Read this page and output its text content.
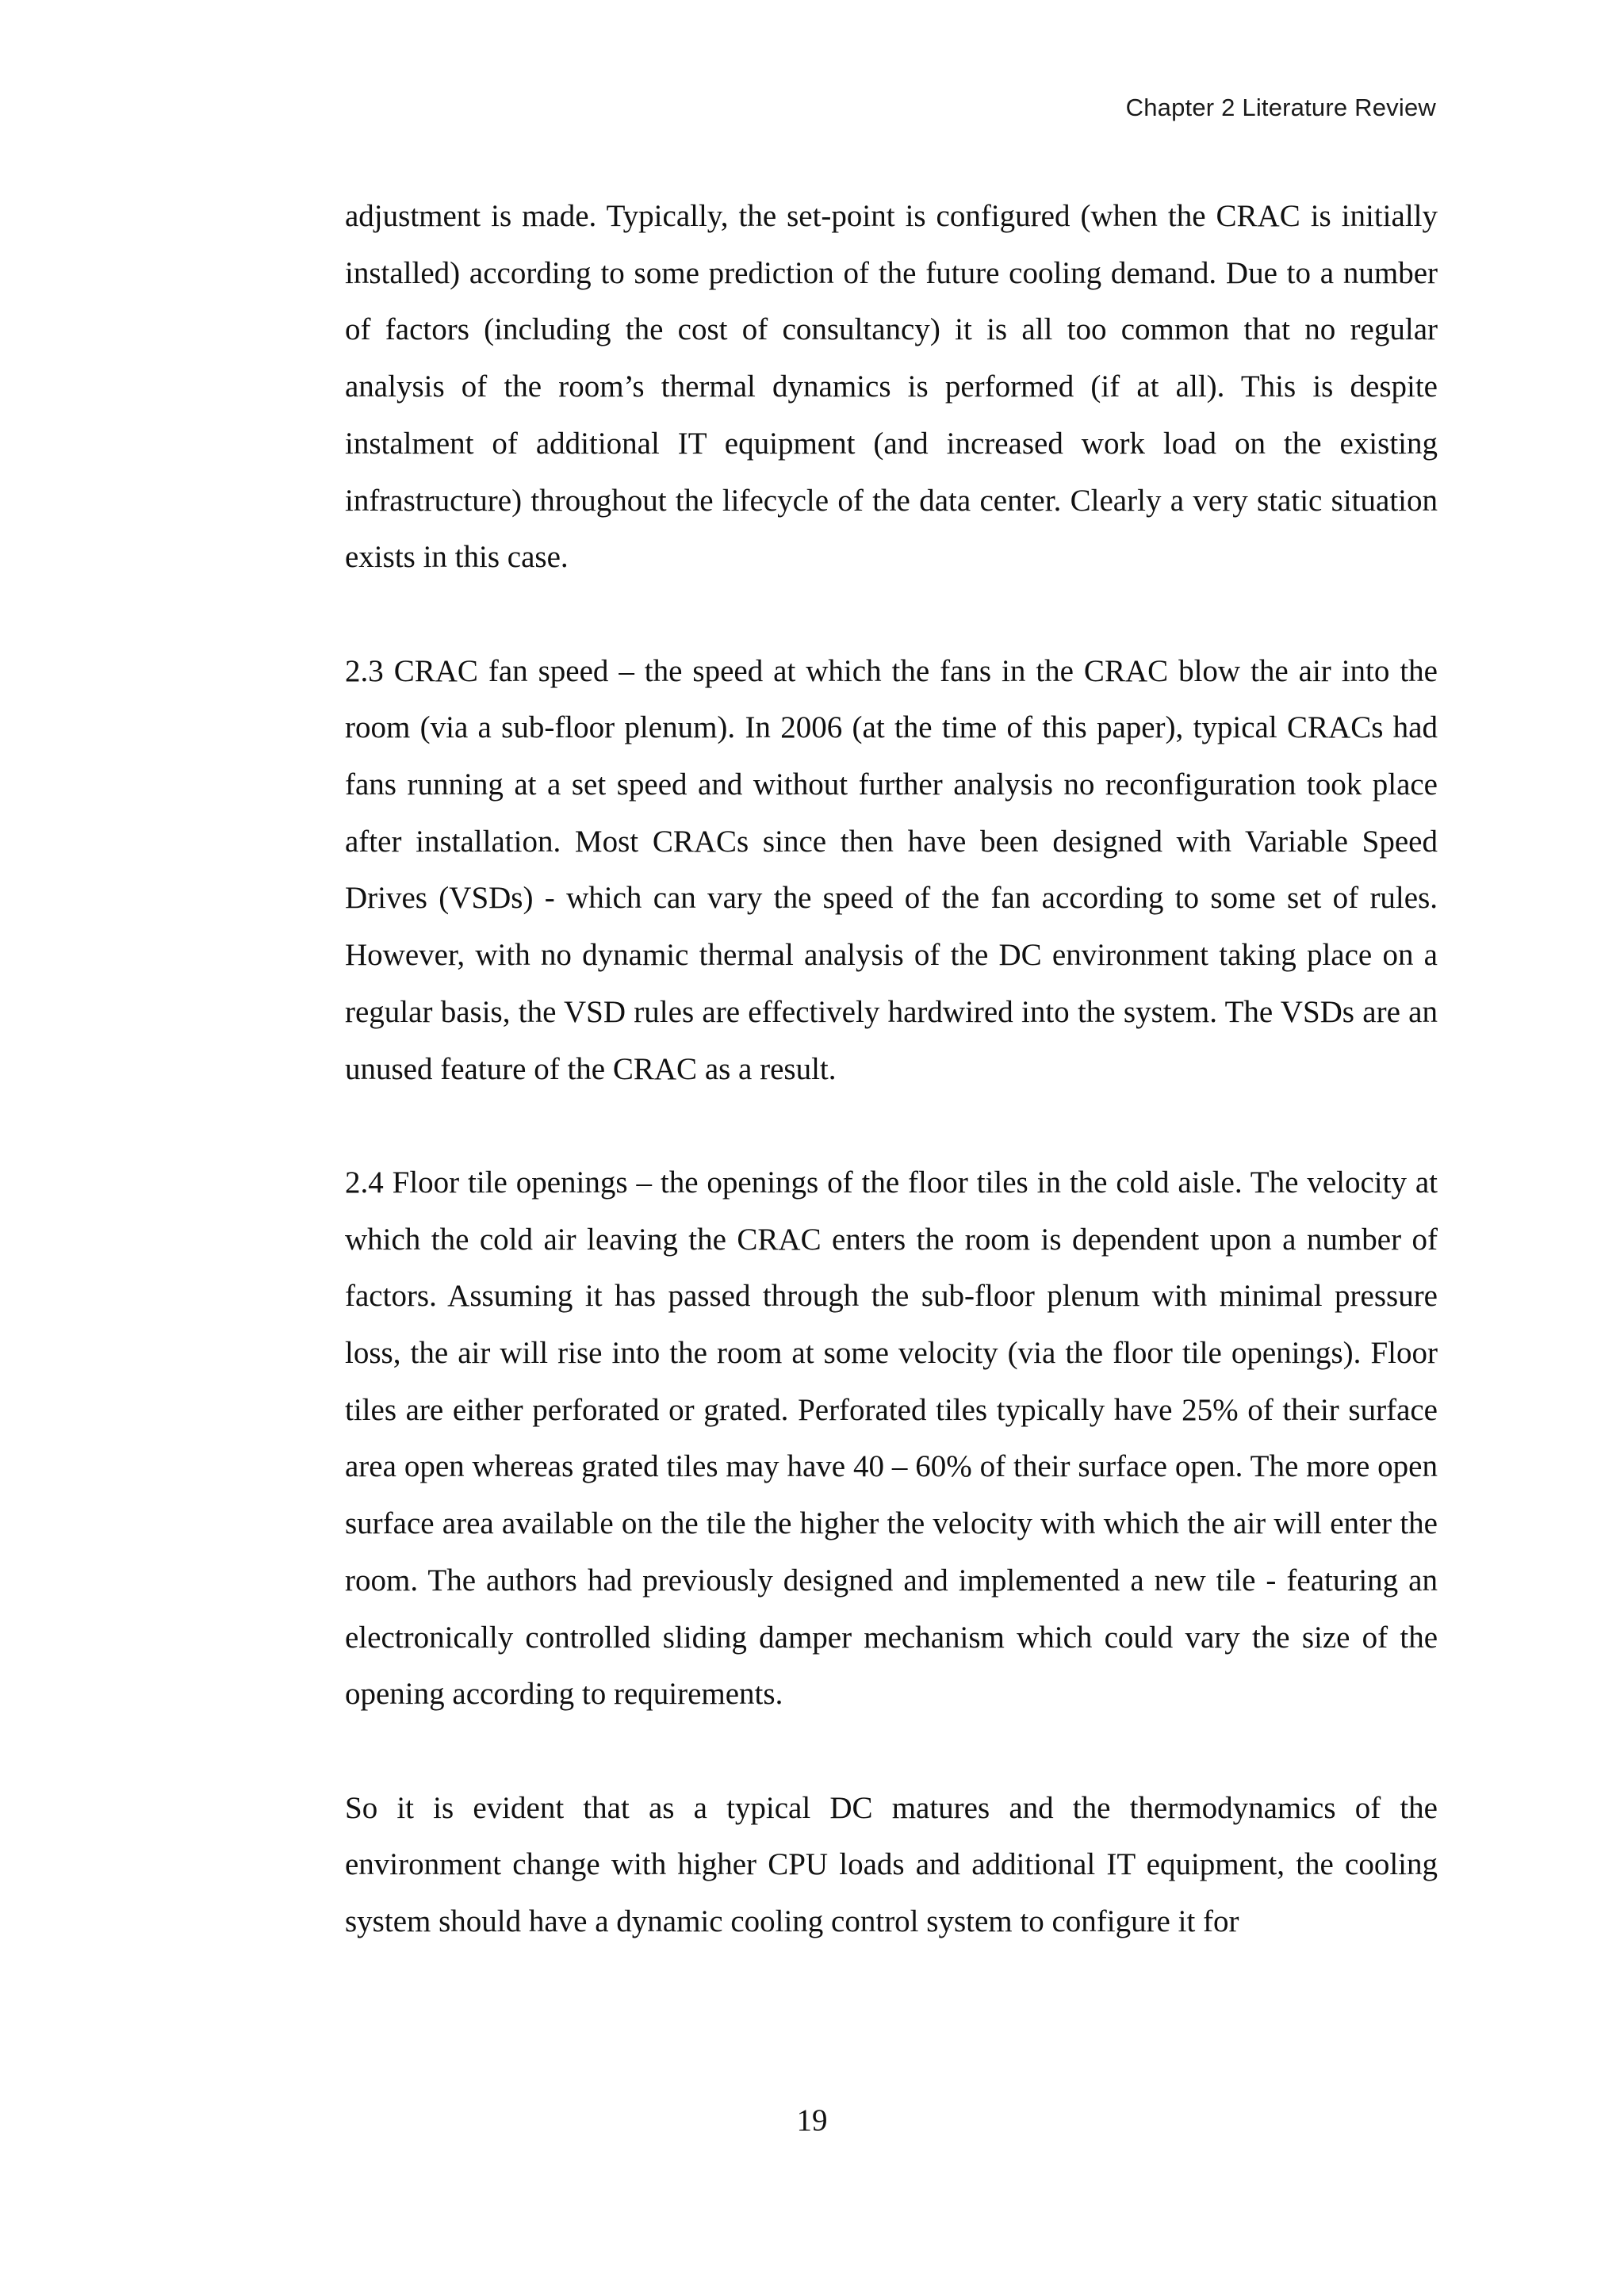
Chapter 2 Literature Review

adjustment is made. Typically, the set-point is configured (when the CRAC is initially installed) according to some prediction of the future cooling demand. Due to a number of factors (including the cost of consultancy) it is all too common that no regular analysis of the room’s thermal dynamics is performed (if at all). This is despite instalment of additional IT equipment (and increased work load on the existing infrastructure) throughout the lifecycle of the data center. Clearly a very static situation exists in this case.

2.3 CRAC fan speed – the speed at which the fans in the CRAC blow the air into the room (via a sub-floor plenum). In 2006 (at the time of this paper), typical CRACs had fans running at a set speed and without further analysis no reconfiguration took place after installation. Most CRACs since then have been designed with Variable Speed Drives (VSDs) - which can vary the speed of the fan according to some set of rules. However, with no dynamic thermal analysis of the DC environment taking place on a regular basis, the VSD rules are effectively hardwired into the system. The VSDs are an unused feature of the CRAC as a result.

2.4 Floor tile openings – the openings of the floor tiles in the cold aisle. The velocity at which the cold air leaving the CRAC enters the room is dependent upon a number of factors. Assuming it has passed through the sub-floor plenum with minimal pressure loss, the air will rise into the room at some velocity (via the floor tile openings). Floor tiles are either perforated or grated. Perforated tiles typically have 25% of their surface area open whereas grated tiles may have 40 – 60% of their surface open. The more open surface area available on the tile the higher the velocity with which the air will enter the room. The authors had previously designed and implemented a new tile - featuring an electronically controlled sliding damper mechanism which could vary the size of the opening according to requirements.

So it is evident that as a typical DC matures and the thermodynamics of the environment change with higher CPU loads and additional IT equipment, the cooling system should have a dynamic cooling control system to configure it for

19
